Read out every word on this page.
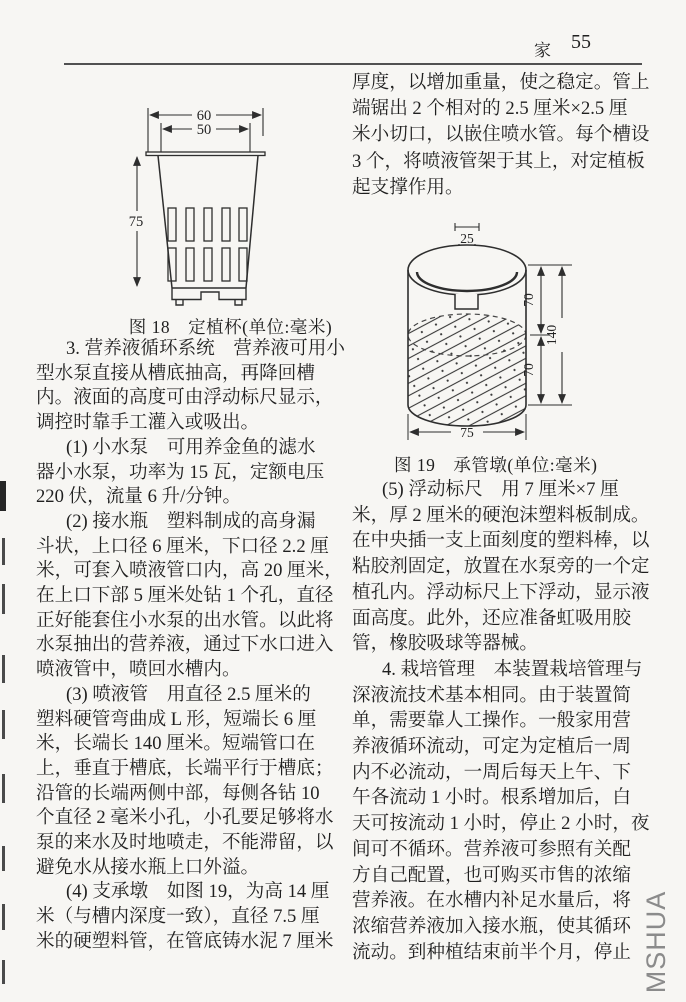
家 55
60
50
75
图 18　定植杯(单位:毫米)
25
70
140
70
75
图 19　承管墩(单位:毫米)
厚度，以增加重量，使之稳定。管上
端锯出 2 个相对的 2.5 厘米×2.5 厘
米小切口，以嵌住喷水管。每个槽设
3 个，将喷液管架于其上，对定植板
起支撑作用。
3. 营养液循环系统　营养液可用小
型水泵直接从槽底抽高，再降回槽
内。液面的高度可由浮动标尺显示，
调控时靠手工灌入或吸出。
(1) 小水泵　可用养金鱼的滤水
器小水泵，功率为 15 瓦，定额电压
220 伏，流量 6 升/分钟。
(2) 接水瓶　塑料制成的高身漏
斗状，上口径 6 厘米，下口径 2.2 厘
米，可套入喷液管口内，高 20 厘米，
在上口下部 5 厘米处钻 1 个孔，直径
正好能套住小水泵的出水管。以此将
水泵抽出的营养液，通过下水口进入
喷液管中，喷回水槽内。
(3) 喷液管　用直径 2.5 厘米的
塑料硬管弯曲成 L 形，短端长 6 厘
米，长端长 140 厘米。短端管口在
上，垂直于槽底，长端平行于槽底；
沿管的长端两侧中部，每侧各钻 10
个直径 2 毫米小孔，小孔要足够将水
泵的来水及时地喷走，不能滞留，以
避免水从接水瓶上口外溢。
(4) 支承墩　如图 19，为高 14 厘
米（与槽内深度一致），直径 7.5 厘
米的硬塑料管，在管底铸水泥 7 厘米
(5) 浮动标尺　用 7 厘米×7 厘
米，厚 2 厘米的硬泡沫塑料板制成。
在中央插一支上面刻度的塑料棒，以
粘胶剂固定，放置在水泵旁的一个定
植孔内。浮动标尺上下浮动，显示液
面高度。此外，还应准备虹吸用胶
管，橡胶吸球等器械。
4. 栽培管理　本装置栽培管理与
深液流技术基本相同。由于装置简
单，需要靠人工操作。一般家用营
养液循环流动，可定为定植后一周
内不必流动，一周后每天上午、下
午各流动 1 小时。根系增加后，白
天可按流动 1 小时，停止 2 小时，夜
间可不循环。营养液可参照有关配
方自己配置，也可购买市售的浓缩
营养液。在水槽内补足水量后，将
浓缩营养液加入接水瓶，使其循环
流动。到种植结束前半个月，停止 MSHUA
